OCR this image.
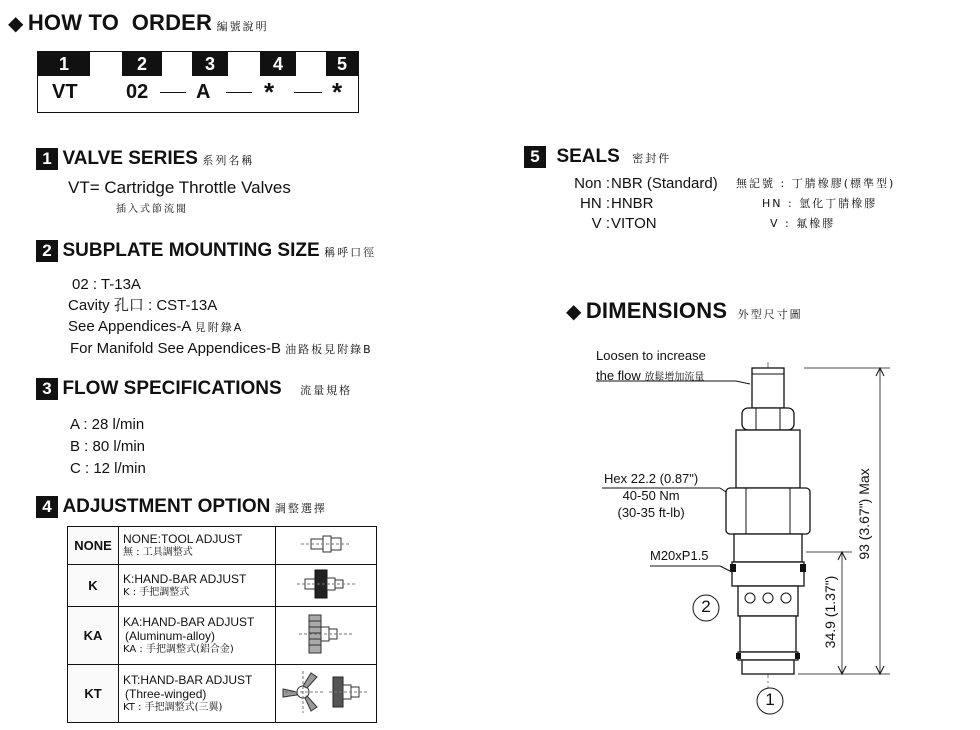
◆ HOW TO  ORDER 編號說明
1	2	3	4	5
VT 02 A * *
1 VALVE SERIES 系列名稱
VT= Cartridge Throttle Valves
插入式節流閥
2 SUBPLATE MOUNTING SIZE 稱呼口徑
02 : T-13A
Cavity 孔口 : CST-13A
See Appendices-A 見附錄A
For Manifold See Appendices-B 油路板見附錄B
3 FLOW SPECIFICATIONS 流量規格
A : 28 l/min
B : 80 l/min
C : 12 l/min
4 ADJUSTMENT OPTION 調整選擇
NONE	NONE:TOOL ADJUST
無 : 工具調整式

K	K:HAND-BAR ADJUST
K : 手把調整式

KA	KA:HAND-BAR ADJUST
(Aluminum-alloy)
KA : 手把調整式(鋁合金)

KT	KT:HAND-BAR ADJUST
(Three-winged)
KT : 手把調整式(三翼)

5 SEALS 密封件
Non : NBR (Standard) 無記號 : 丁腈橡膠(標準型)
HN : HNBR	HN : 氫化丁腈橡膠
V : VITON	V : 氟橡膠
◆ DIMENSIONS 外型尺寸圖
Loosen to increase
the flow 放鬆增加流量
Hex 22.2 (0.87")
40-50 Nm
(30-35 ft-lb)
M20xP1.5
2
1
93 (3.67") Max
34.9 (1.37")
